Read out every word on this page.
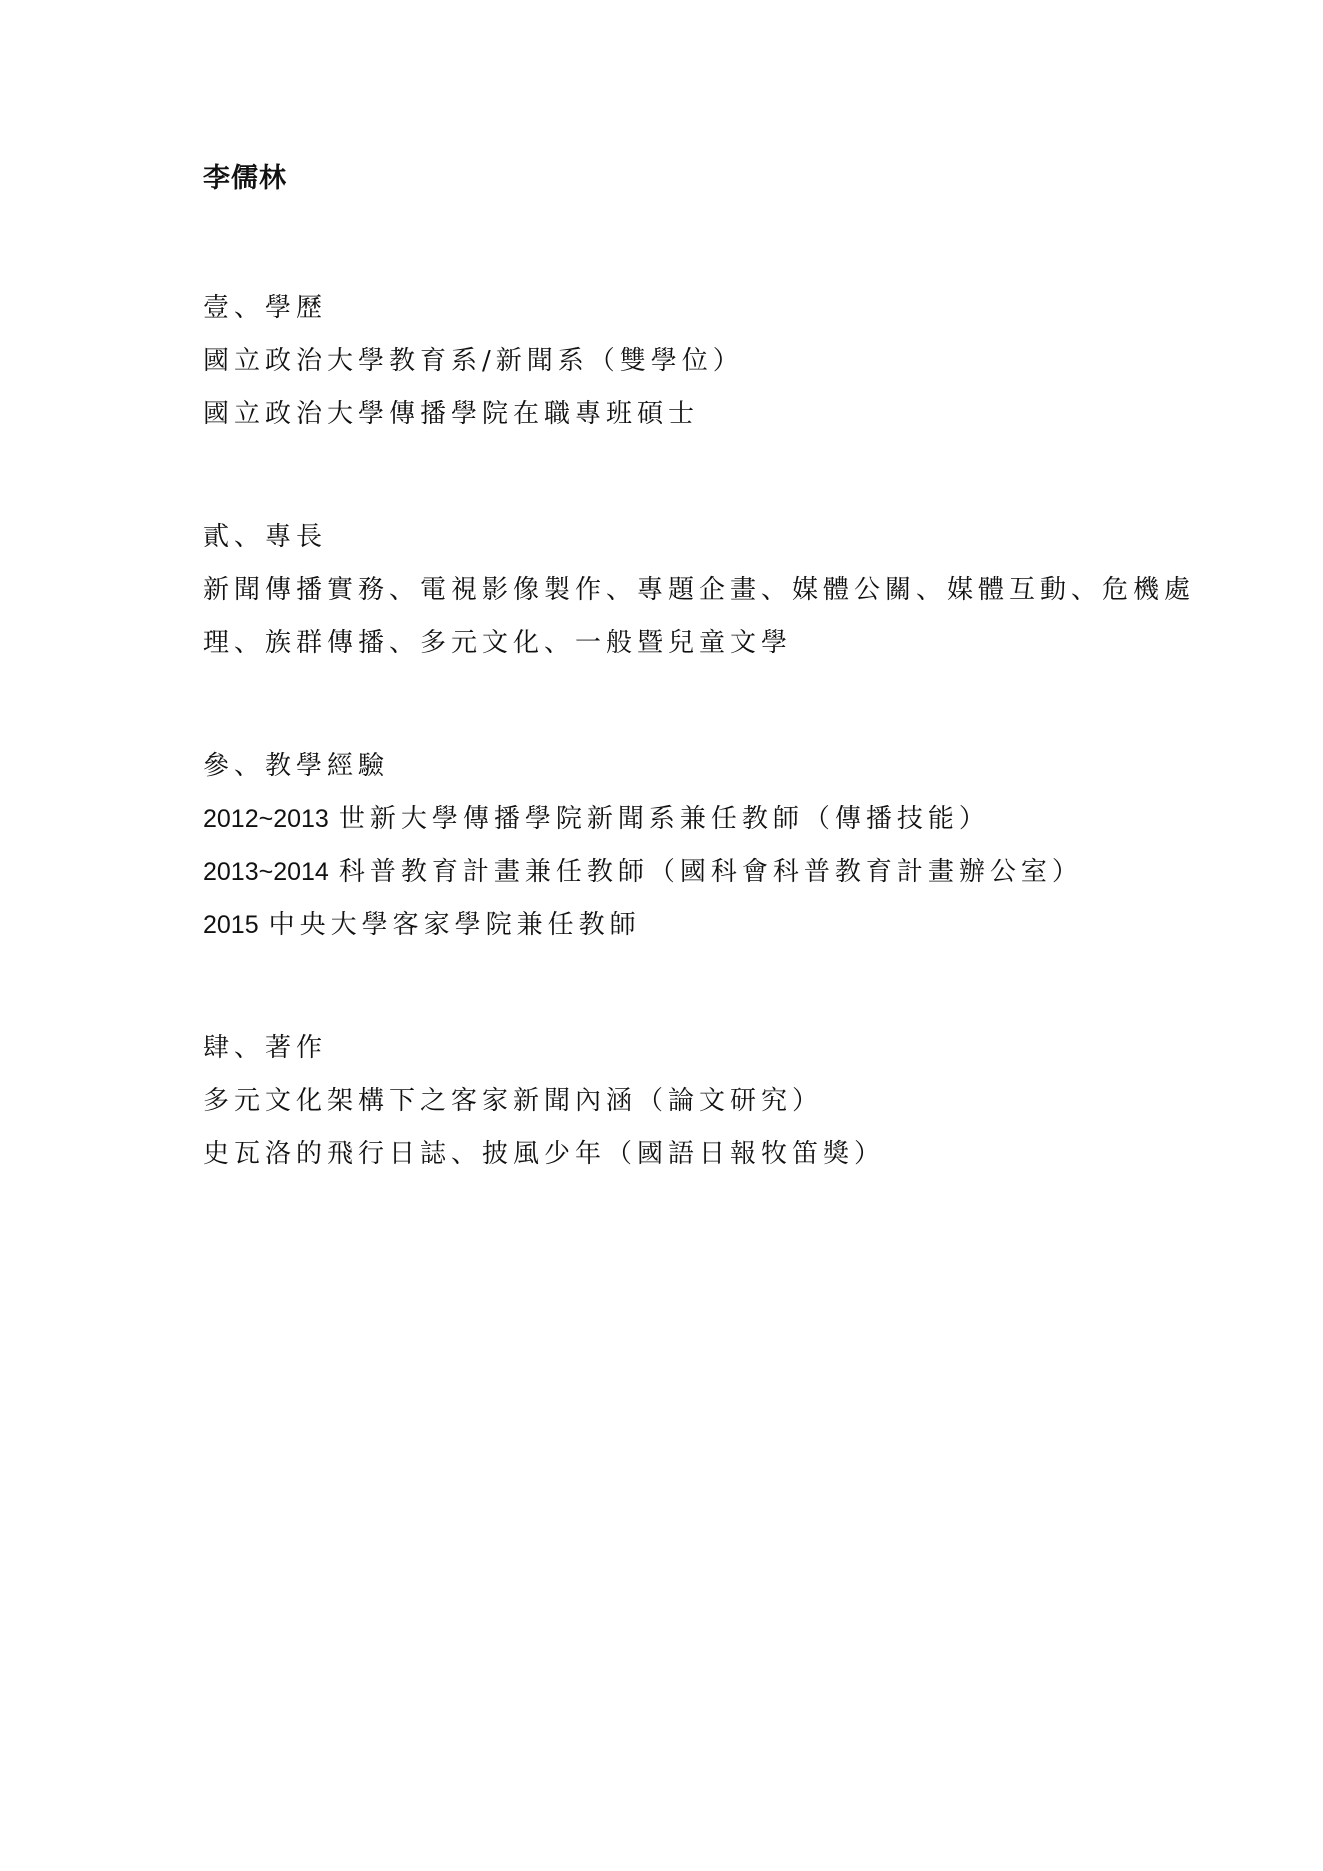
李儒林
壹、學歷

國立政治大學教育系/新聞系（雙學位）

國立政治大學傳播學院在職專班碩士

貳、專長

新聞傳播實務、電視影像製作、專題企畫、媒體公關、媒體互動、危機處

理、族群傳播、多元文化、一般暨兒童文學

參、教學經驗

2012~2013 世新大學傳播學院新聞系兼任教師（傳播技能）

2013~2014 科普教育計畫兼任教師（國科會科普教育計畫辦公室）

2015 中央大學客家學院兼任教師

肆、著作

多元文化架構下之客家新聞內涵（論文研究）

史瓦洛的飛行日誌、披風少年（國語日報牧笛獎）
